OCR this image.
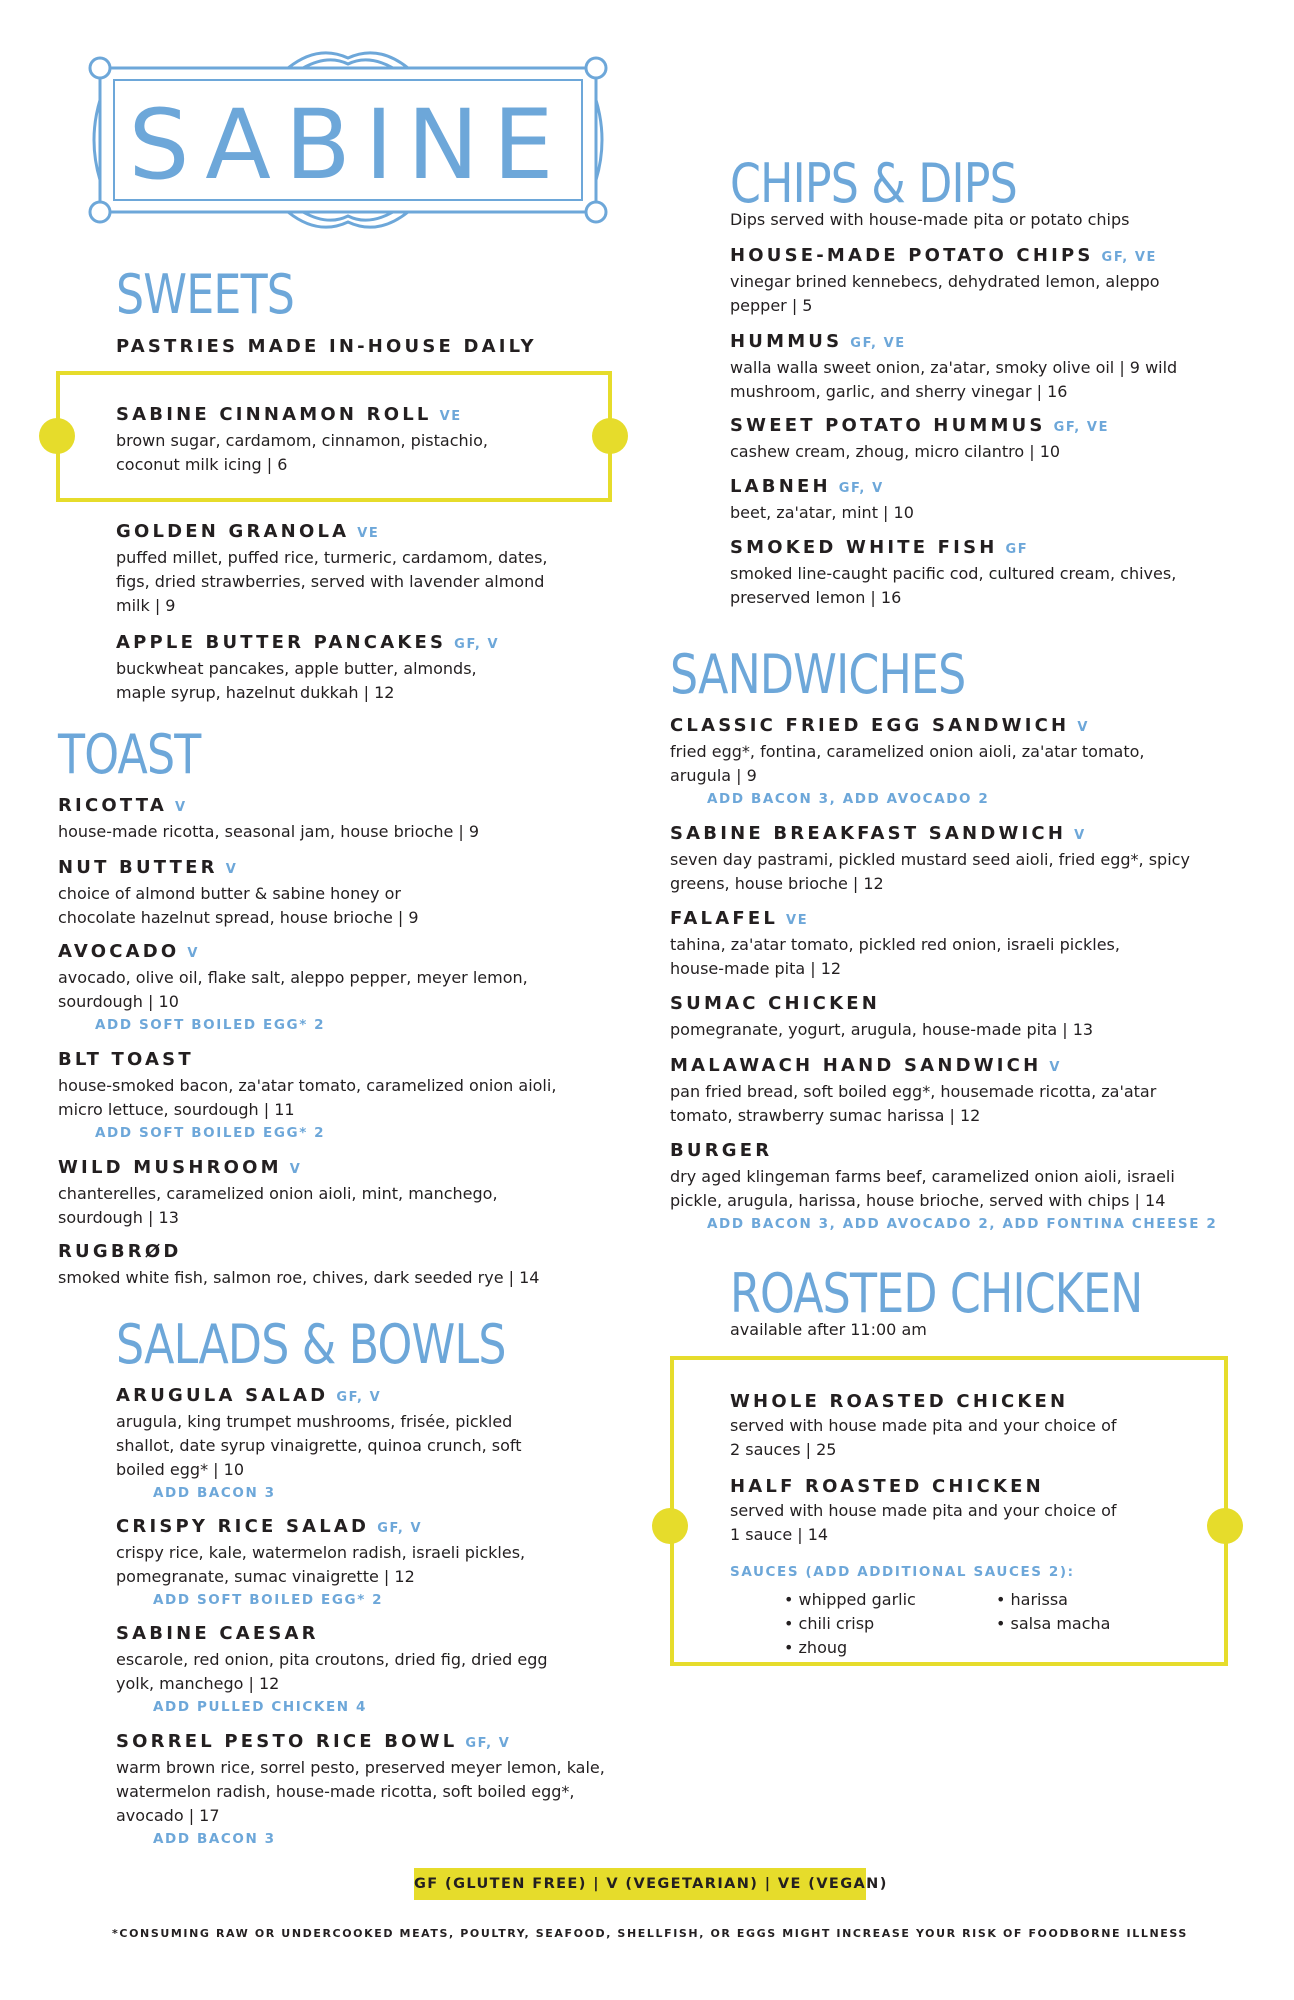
SABINE
SWEETS
PASTRIES MADE IN-HOUSE DAILY
SABINE CINNAMON ROLL VE
brown sugar, cardamom, cinnamon, pistachio, coconut milk icing | 6
GOLDEN GRANOLA VE
puffed millet, puffed rice, turmeric, cardamom, dates, figs, dried strawberries, served with lavender almond milk | 9
APPLE BUTTER PANCAKES GF, V
buckwheat pancakes, apple butter, almonds, maple syrup, hazelnut dukkah | 12
TOAST
RICOTTA V
house-made ricotta, seasonal jam, house brioche | 9
NUT BUTTER V
choice of almond butter & sabine honey or chocolate hazelnut spread, house brioche | 9
AVOCADO V
avocado, olive oil, flake salt, aleppo pepper, meyer lemon, sourdough | 10
ADD SOFT BOILED EGG* 2
BLT TOAST
house-smoked bacon, za'atar tomato, caramelized onion aioli, micro lettuce, sourdough | 11
ADD SOFT BOILED EGG* 2
WILD MUSHROOM V
chanterelles, caramelized onion aioli, mint, manchego, sourdough | 13
RUGBRØD
smoked white fish, salmon roe, chives, dark seeded rye | 14
SALADS & BOWLS
ARUGULA SALAD GF, V
arugula, king trumpet mushrooms, frisée, pickled shallot, date syrup vinaigrette, quinoa crunch, soft boiled egg* | 10
ADD BACON 3
CRISPY RICE SALAD GF, V
crispy rice, kale, watermelon radish, israeli pickles, pomegranate, sumac vinaigrette | 12
ADD SOFT BOILED EGG* 2
SABINE CAESAR
escarole, red onion, pita croutons, dried fig, dried egg yolk, manchego | 12
ADD PULLED CHICKEN 4
SORREL PESTO RICE BOWL GF, V
warm brown rice, sorrel pesto, preserved meyer lemon, kale, watermelon radish, house-made ricotta, soft boiled egg*, avocado | 17
ADD BACON 3
CHIPS & DIPS
Dips served with house-made pita or potato chips
HOUSE-MADE POTATO CHIPS GF, VE
vinegar brined kennebecs, dehydrated lemon, aleppo pepper | 5
HUMMUS GF, VE
walla walla sweet onion, za'atar, smoky olive oil | 9 wild mushroom, garlic, and sherry vinegar | 16
SWEET POTATO HUMMUS GF, VE
cashew cream, zhoug, micro cilantro | 10
LABNEH GF, V
beet, za'atar, mint | 10
SMOKED WHITE FISH GF
smoked line-caught pacific cod, cultured cream, chives, preserved lemon | 16
SANDWICHES
CLASSIC FRIED EGG SANDWICH V
fried egg*, fontina, caramelized onion aioli, za'atar tomato, arugula | 9
ADD BACON 3, ADD AVOCADO 2
SABINE BREAKFAST SANDWICH V
seven day pastrami, pickled mustard seed aioli, fried egg*, spicy greens, house brioche | 12
FALAFEL VE
tahina, za'atar tomato, pickled red onion, israeli pickles, house-made pita | 12
SUMAC CHICKEN
pomegranate, yogurt, arugula, house-made pita | 13
MALAWACH HAND SANDWICH V
pan fried bread, soft boiled egg*, housemade ricotta, za'atar tomato, strawberry sumac harissa | 12
BURGER
dry aged klingeman farms beef, caramelized onion aioli, israeli pickle, arugula, harissa, house brioche, served with chips | 14
ADD BACON 3, ADD AVOCADO 2, ADD FONTINA CHEESE 2
ROASTED CHICKEN
available after 11:00 am
WHOLE ROASTED CHICKEN
served with house made pita and your choice of 2 sauces | 25
HALF ROASTED CHICKEN
served with house made pita and your choice of 1 sauce | 14
SAUCES (ADD ADDITIONAL SAUCES 2):
• whipped garlic
• chili crisp
• zhoug
• harissa
• salsa macha
GF (GLUTEN FREE) | V (VEGETARIAN) | VE (VEGAN)
*CONSUMING RAW OR UNDERCOOKED MEATS, POULTRY, SEAFOOD, SHELLFISH, OR EGGS MIGHT INCREASE YOUR RISK OF FOODBORNE ILLNESS
